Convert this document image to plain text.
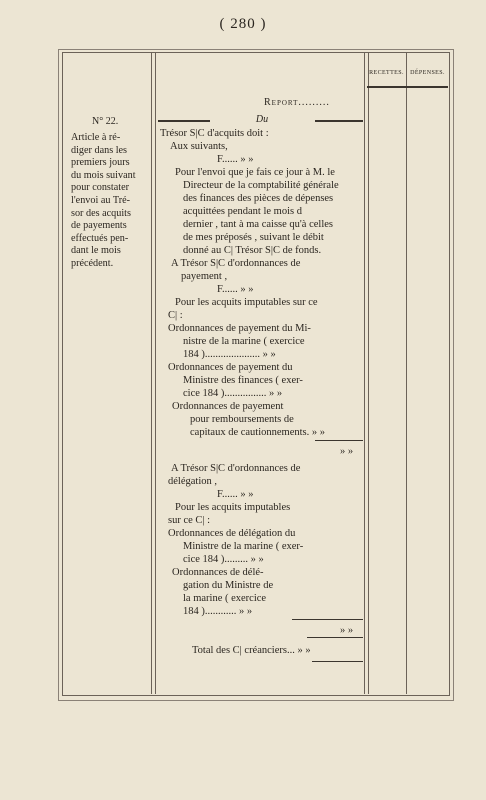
( 280 )
RECETTES.	DÉPENSES.
N° 22.
Article à ré-
diger dans les
premiers jours
du mois suivant
pour constater
l'envoi au Tré-
sor des acquits
de payements
effectués pen-
dant le mois
précédent.
Report.........
Du
Trésor S|C d'acquits doit :
Aux suivants,
F...... » »
Pour l'envoi que je fais ce jour à M. le
Directeur de la comptabilité générale
des finances des pièces de dépenses
acquittées pendant le mois d
dernier , tant à ma caisse qu'à celles
de mes préposés , suivant le débit
donné au C| Trésor S|C de fonds.
A Trésor S|C d'ordonnances de
payement ,
F...... » »
Pour les acquits imputables sur ce
C| :
Ordonnances de payement du Mi-
nistre de la marine ( exercice
184 )..................... » »
Ordonnances de payement du
Ministre des finances ( exer-
cice 184 )................ » »
Ordonnances de payement
pour remboursements de
capitaux de cautionnements. » »
» »
A Trésor S|C d'ordonnances de
délégation ,
F...... » »
Pour les acquits imputables
sur ce C| :
Ordonnances de délégation du
Ministre de la marine ( exer-
cice 184 )......... » »
Ordonnances de délé-
gation du Ministre de
la marine ( exercice
184 )............ » »
» »
Total des C| créanciers... » »
